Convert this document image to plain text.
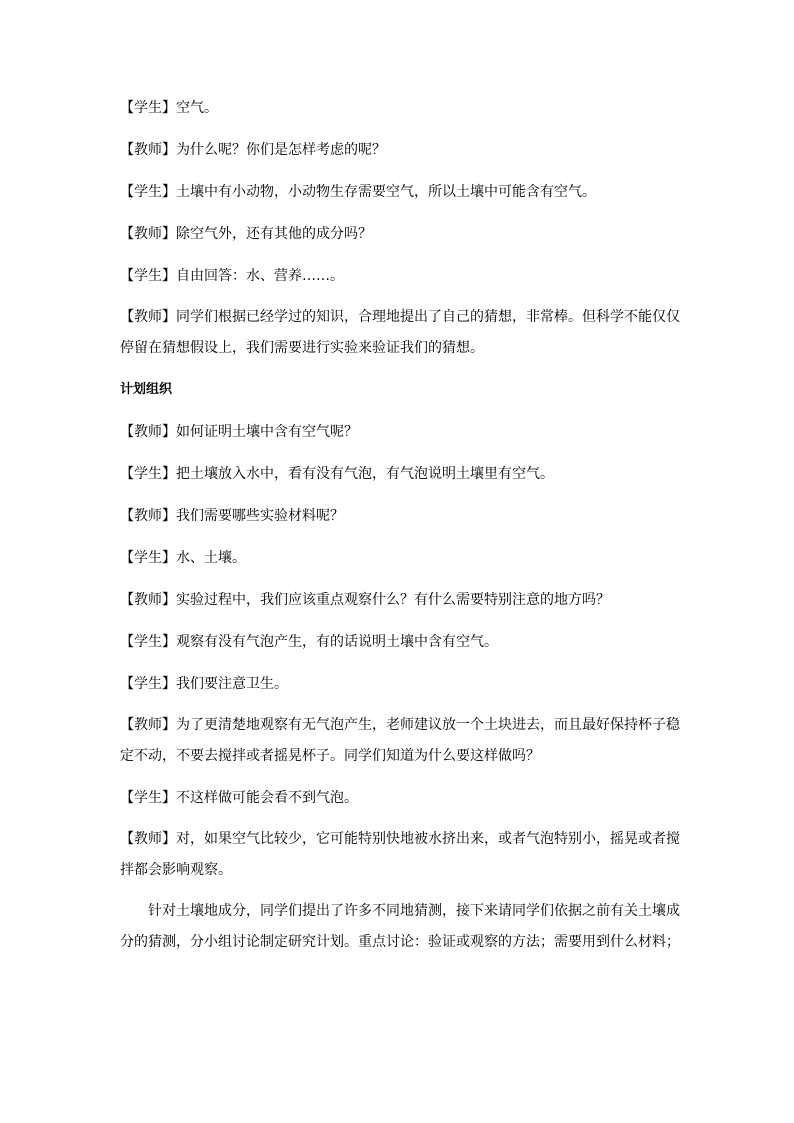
【学生】空气。

【教师】为什么呢？你们是怎样考虑的呢？

【学生】土壤中有小动物，小动物生存需要空气，所以土壤中可能含有空气。

【教师】除空气外，还有其他的成分吗？

【学生】自由回答：水、营养……。

【教师】同学们根据已经学过的知识，合理地提出了自己的猜想，非常棒。但科学不能仅仅停留在猜想假设上，我们需要进行实验来验证我们的猜想。

计划组织

【教师】如何证明土壤中含有空气呢？

【学生】把土壤放入水中，看有没有气泡，有气泡说明土壤里有空气。

【教师】我们需要哪些实验材料呢？

【学生】水、土壤。

【教师】实验过程中，我们应该重点观察什么？有什么需要特别注意的地方吗？

【学生】观察有没有气泡产生，有的话说明土壤中含有空气。

【学生】我们要注意卫生。

【教师】为了更清楚地观察有无气泡产生，老师建议放一个土块进去，而且最好保持杯子稳定不动，不要去搅拌或者摇晃杯子。同学们知道为什么要这样做吗？

【学生】不这样做可能会看不到气泡。

【教师】对，如果空气比较少，它可能特别快地被水挤出来，或者气泡特别小，摇晃或者搅拌都会影响观察。

针对土壤地成分，同学们提出了许多不同地猜测，接下来请同学们依据之前有关土壤成分的猜测，分小组讨论制定研究计划。重点讨论：验证或观察的方法；需要用到什么材料；
